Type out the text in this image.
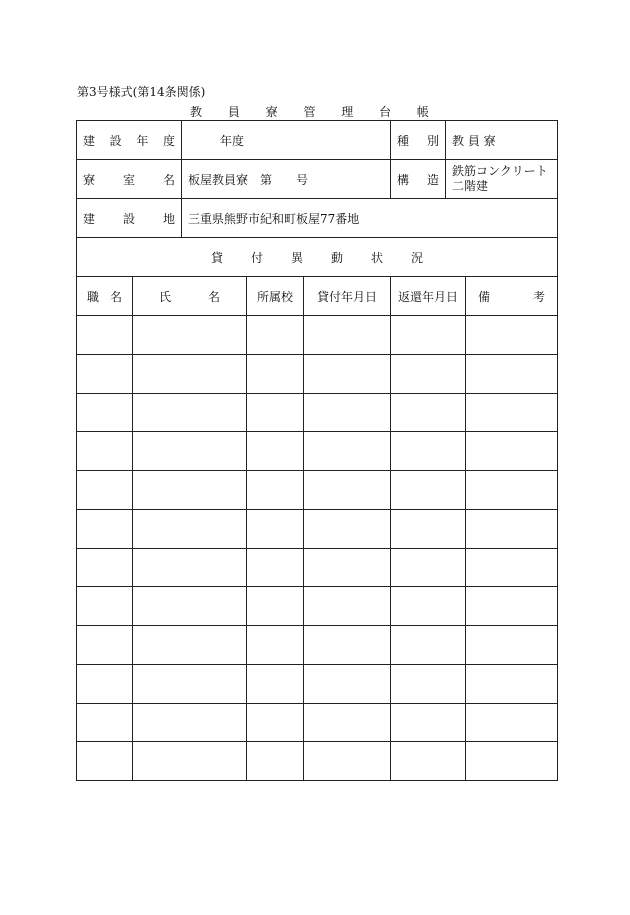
第3号様式(第14条関係)
教 員 寮 管 理 台 帳
建 設 年 度		年度			種 別	教 員 寮	
寮 室 名		板屋教員寮　第　　号			構 造	鉄筋コンクリート
二階建	

建 設 地		三重県熊野市紀和町板屋77番地					
貸付異動状況							
職名	氏名		所属校	貸付年月日	返還年月日		備考
